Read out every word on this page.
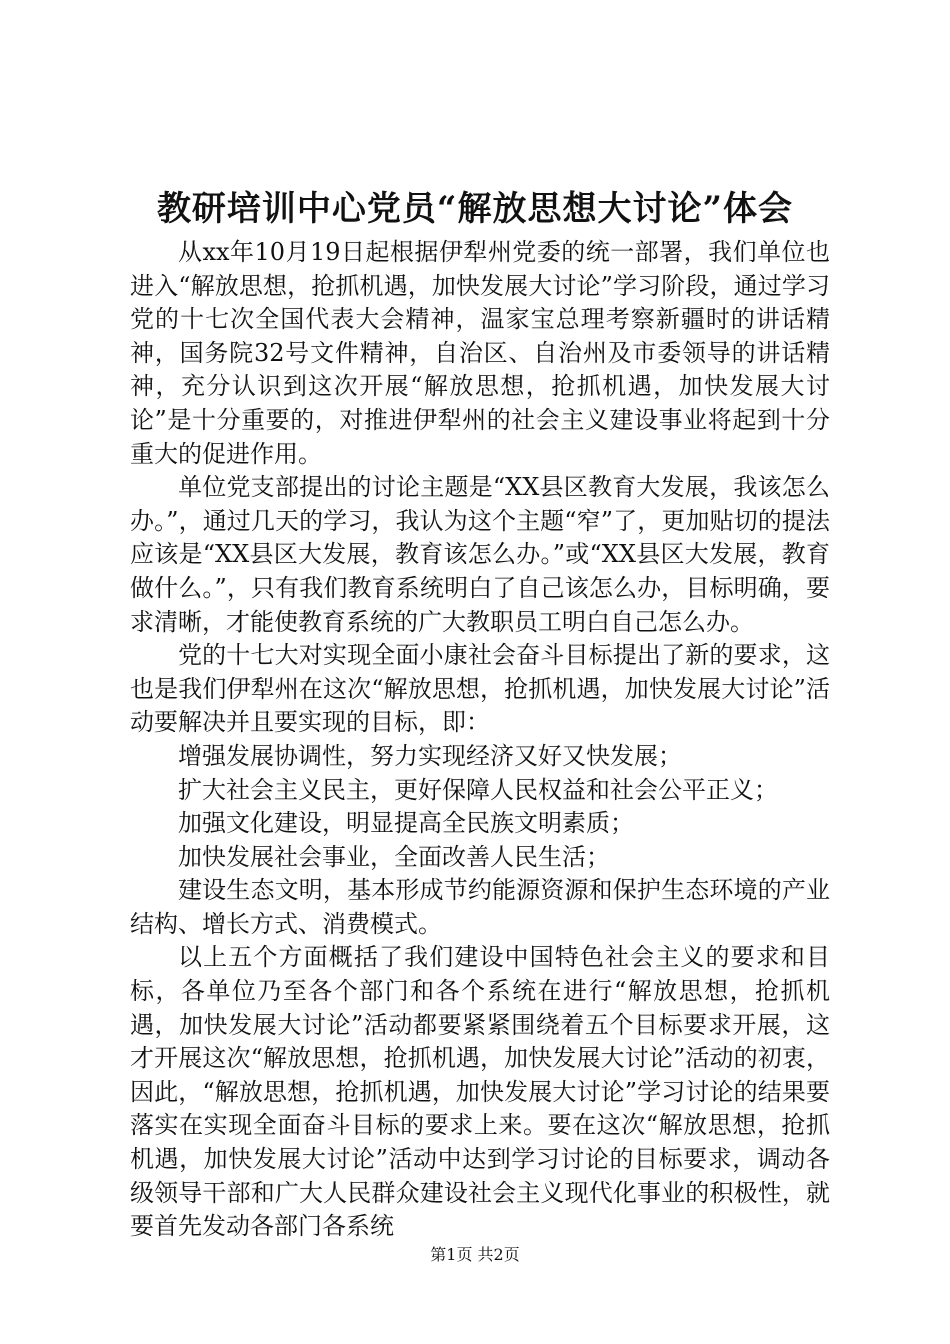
教研培训中心党员“解放思想大讨论”体会

从xx年10月19日起根据伊犁州党委的统一部署，我们单位也进入“解放思想，抢抓机遇，加快发展大讨论”学习阶段，通过学习党的十七次全国代表大会精神，温家宝总理考察新疆时的讲话精神，国务院32号文件精神，自治区、自治州及市委领导的讲话精神，充分认识到这次开展“解放思想，抢抓机遇，加快发展大讨论”是十分重要的，对推进伊犁州的社会主义建设事业将起到十分重大的促进作用。

单位党支部提出的讨论主题是“XX县区教育大发展，我该怎么办。”，通过几天的学习，我认为这个主题“窄”了，更加贴切的提法应该是“XX县区大发展，教育该怎么办。”或“XX县区大发展，教育做什么。”，只有我们教育系统明白了自己该怎么办，目标明确，要求清晰，才能使教育系统的广大教职员工明白自己怎么办。

党的十七大对实现全面小康社会奋斗目标提出了新的要求，这也是我们伊犁州在这次“解放思想，抢抓机遇，加快发展大讨论”活动要解决并且要实现的目标，即：

增强发展协调性，努力实现经济又好又快发展；

扩大社会主义民主，更好保障人民权益和社会公平正义；

加强文化建设，明显提高全民族文明素质；

加快发展社会事业，全面改善人民生活；

建设生态文明，基本形成节约能源资源和保护生态环境的产业结构、增长方式、消费模式。

以上五个方面概括了我们建设中国特色社会主义的要求和目标，各单位乃至各个部门和各个系统在进行“解放思想，抢抓机遇，加快发展大讨论”活动都要紧紧围绕着五个目标要求开展，这才开展这次“解放思想，抢抓机遇，加快发展大讨论”活动的初衷，因此，“解放思想，抢抓机遇，加快发展大讨论”学习讨论的结果要落实在实现全面奋斗目标的要求上来。要在这次“解放思想，抢抓机遇，加快发展大讨论”活动中达到学习讨论的目标要求，调动各级领导干部和广大人民群众建设社会主义现代化事业的积极性，就要首先发动各部门各系统

第1页 共2页
